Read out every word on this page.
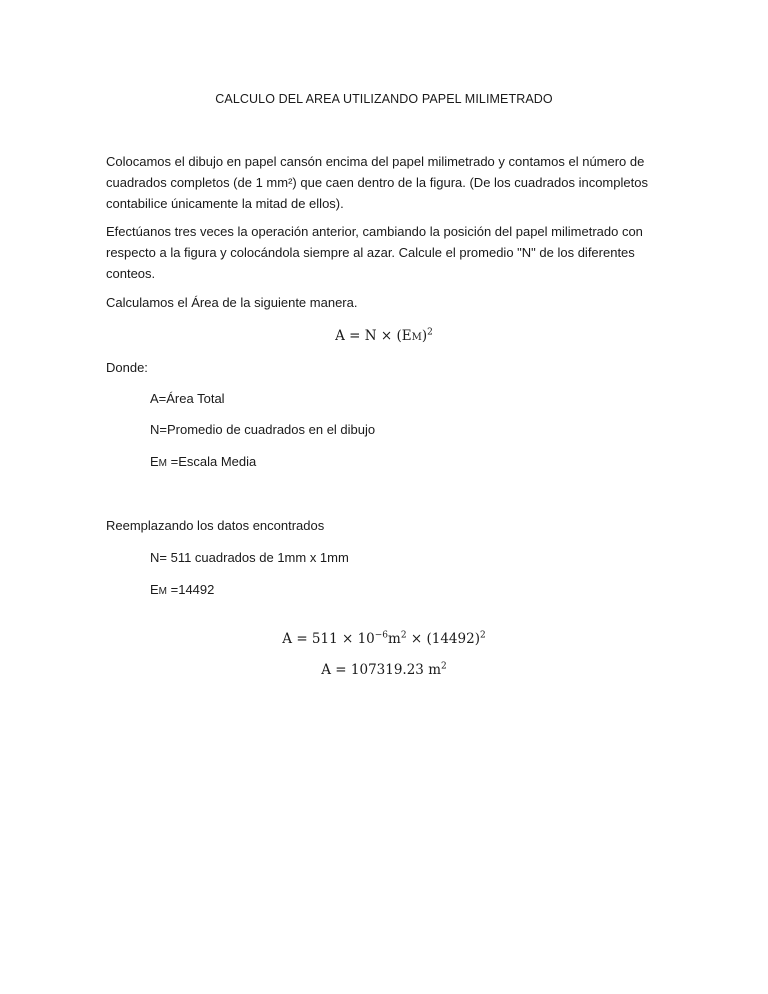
CALCULO DEL AREA UTILIZANDO PAPEL MILIMETRADO

Colocamos el dibujo en papel cansón encima del papel milimetrado y contamos el número de cuadrados completos (de 1 mm²) que caen dentro de la figura. (De los cuadrados incompletos contabilice únicamente la mitad de ellos).

Efectúanos tres veces la operación anterior, cambiando la posición del papel milimetrado con respecto a la figura y colocándola siempre al azar. Calcule el promedio "N" de los diferentes conteos.

Calculamos el Área de la siguiente manera.

A = N × (EM)$^2$

Donde:

A=Área Total
N=Promedio de cuadrados en el dibujo
EM =Escala Media

Reemplazando los datos encontrados

N= 511 cuadrados de 1mm x 1mm
EM =14492
$A = 511 \times 10^{-6}m^2 \times (14492)^2$
A = 107319.23 $m^2$
